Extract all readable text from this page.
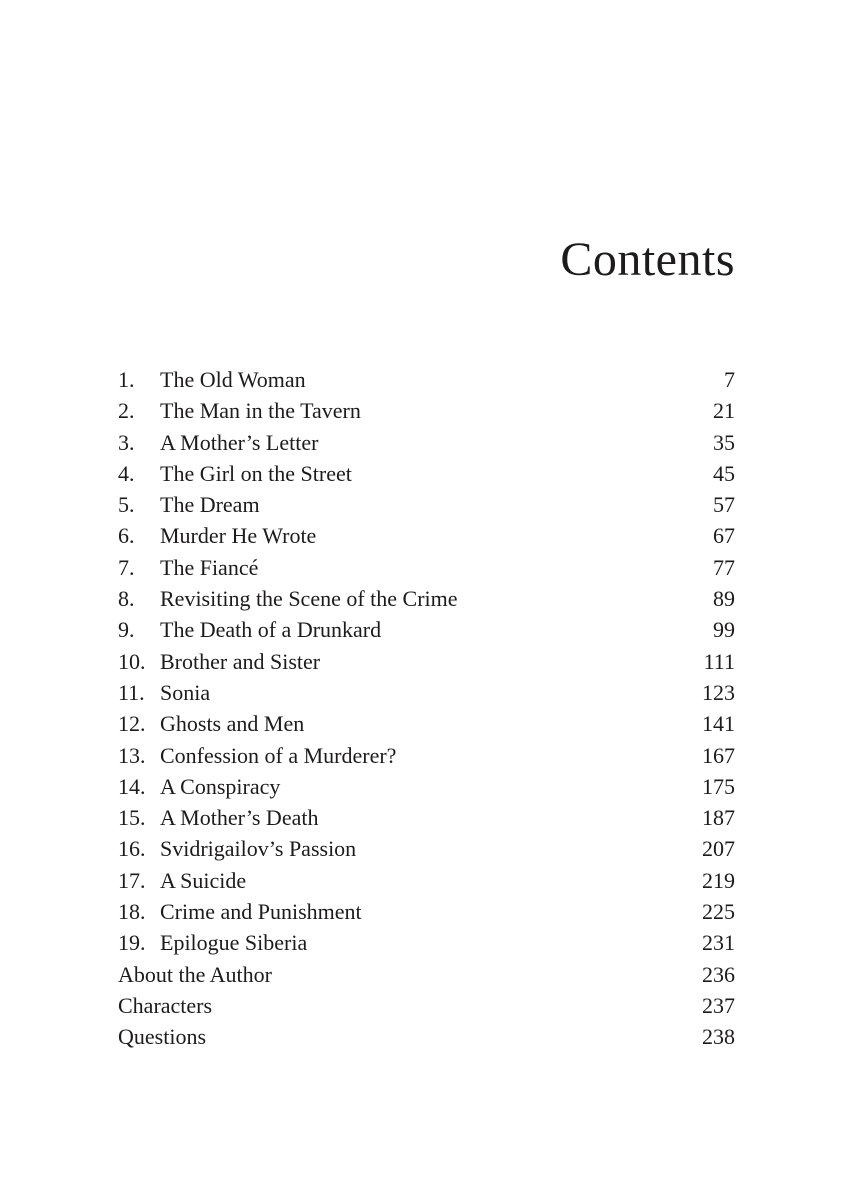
Contents
1.	The Old Woman	7
2.	The Man in the Tavern	21
3.	A Mother’s Letter	35
4.	The Girl on the Street	45
5.	The Dream	57
6.	Murder He Wrote	67
7.	The Fiancé	77
8.	Revisiting the Scene of the Crime	89
9.	The Death of a Drunkard	99
10. Brother and Sister	111
11. Sonia	123
12. Ghosts and Men	141
13. Confession of a Murderer?	167
14. A Conspiracy	175
15. A Mother’s Death	187
16. Svidrigailov’s Passion	207
17. A Suicide	219
18. Crime and Punishment	225
19. Epilogue Siberia	231
About the Author	236
Characters	237
Questions	238
